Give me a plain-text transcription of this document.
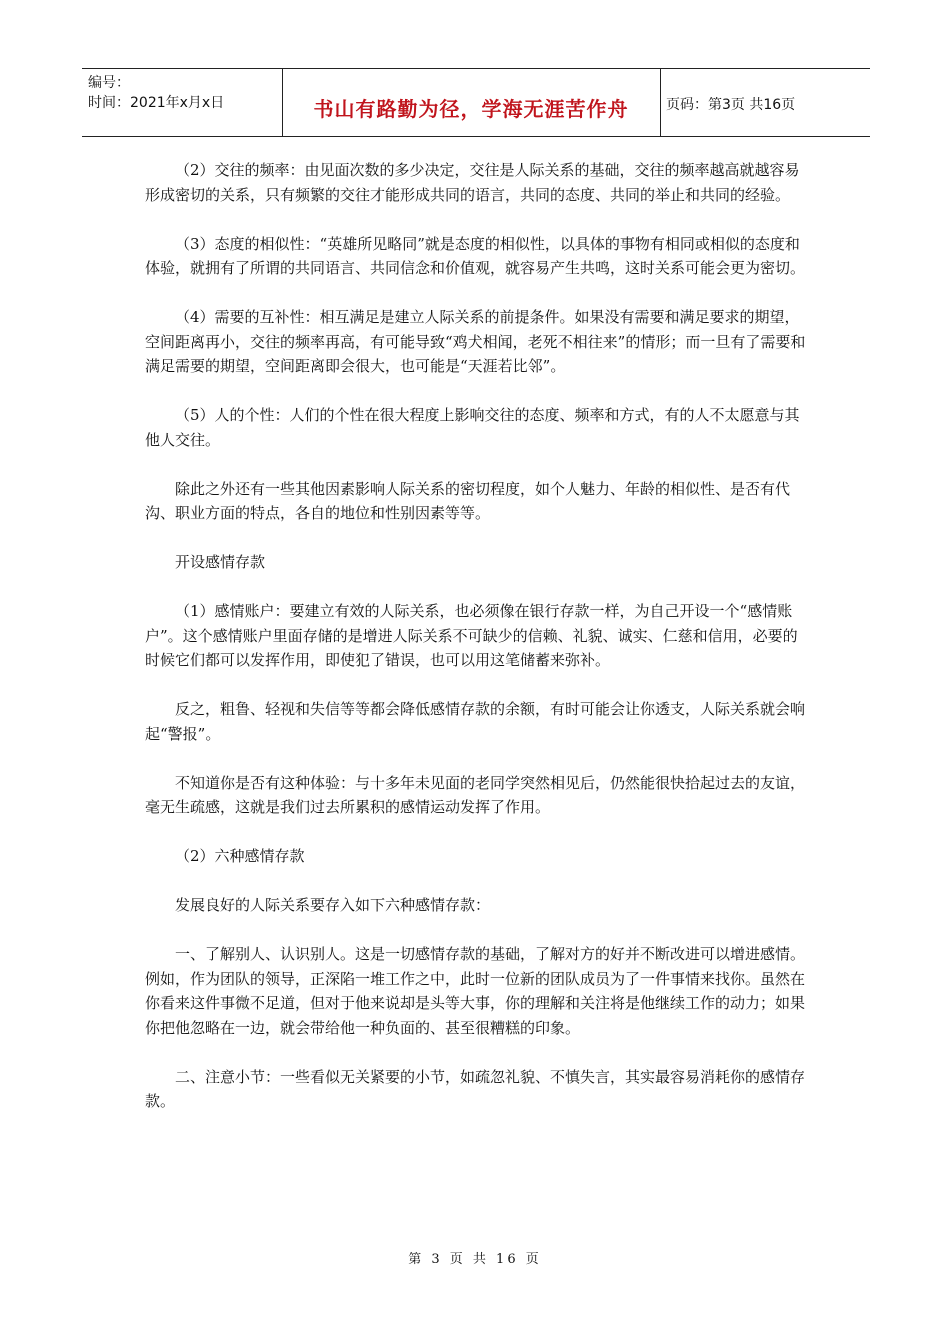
编号：
时间：2021年x月x日	书山有路勤为径，学海无涯苦作舟	页码：第3页 共16页

（2）交往的频率：由见面次数的多少决定，交往是人际关系的基础，交往的频率越高就越容易形成密切的关系，只有频繁的交往才能形成共同的语言，共同的态度、共同的举止和共同的经验。

（3）态度的相似性：“英雄所见略同”就是态度的相似性，以具体的事物有相同或相似的态度和体验，就拥有了所谓的共同语言、共同信念和价值观，就容易产生共鸣，这时关系可能会更为密切。

（4）需要的互补性：相互满足是建立人际关系的前提条件。如果没有需要和满足要求的期望，空间距离再小，交往的频率再高，有可能导致“鸡犬相闻，老死不相往来”的情形；而一旦有了需要和满足需要的期望，空间距离即会很大，也可能是“天涯若比邻”。

（5）人的个性：人们的个性在很大程度上影响交往的态度、频率和方式，有的人不太愿意与其他人交往。

除此之外还有一些其他因素影响人际关系的密切程度，如个人魅力、年龄的相似性、是否有代沟、职业方面的特点，各自的地位和性别因素等等。

开设感情存款

（1）感情账户：要建立有效的人际关系，也必须像在银行存款一样，为自己开设一个“感情账户”。这个感情账户里面存储的是增进人际关系不可缺少的信赖、礼貌、诚实、仁慈和信用，必要的时候它们都可以发挥作用，即使犯了错误，也可以用这笔储蓄来弥补。

反之，粗鲁、轻视和失信等等都会降低感情存款的余额，有时可能会让你透支，人际关系就会响起“警报”。

不知道你是否有这种体验：与十多年未见面的老同学突然相见后，仍然能很快拾起过去的友谊，毫无生疏感，这就是我们过去所累积的感情运动发挥了作用。

（2）六种感情存款

发展良好的人际关系要存入如下六种感情存款：

一、了解别人、认识别人。这是一切感情存款的基础，了解对方的好并不断改进可以增进感情。例如，作为团队的领导，正深陷一堆工作之中，此时一位新的团队成员为了一件事情来找你。虽然在你看来这件事微不足道，但对于他来说却是头等大事，你的理解和关注将是他继续工作的动力；如果你把他忽略在一边，就会带给他一种负面的、甚至很糟糕的印象。

二、注意小节：一些看似无关紧要的小节，如疏忽礼貌、不慎失言，其实最容易消耗你的感情存款。

第 3 页 共 16 页
